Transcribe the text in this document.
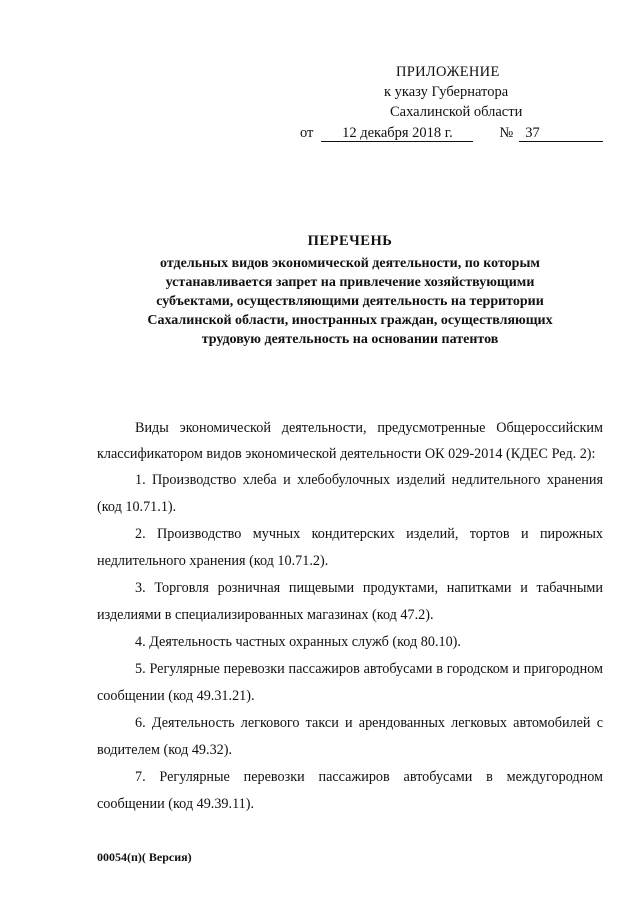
ПРИЛОЖЕНИЕ
к указу Губернатора
Сахалинской области
от	12 декабря 2018 г.	№ 37
ПЕРЕЧЕНЬ
отдельных видов экономической деятельности, по которым
устанавливается запрет на привлечение хозяйствующими
субъектами, осуществляющими деятельность на территории
Сахалинской области, иностранных граждан, осуществляющих
трудовую деятельность на основании патентов

Виды экономической деятельности, предусмотренные Общероссийским классификатором видов экономической деятельности ОК 029-2014 (КДЕС Ред. 2):

1. Производство хлеба и хлебобулочных изделий недлительного хранения (код 10.71.1).

2. Производство мучных кондитерских изделий, тортов и пирожных недлительного хранения (код 10.71.2).

3. Торговля розничная пищевыми продуктами, напитками и табачными изделиями в специализированных магазинах (код 47.2).

4. Деятельность частных охранных служб (код 80.10).

5. Регулярные перевозки пассажиров автобусами в городском и пригородном сообщении (код 49.31.21).

6. Деятельность легкового такси и арендованных легковых автомобилей с водителем (код 49.32).

7. Регулярные перевозки пассажиров автобусами в междугородном сообщении (код 49.39.11).

00054(п)( Версия)
